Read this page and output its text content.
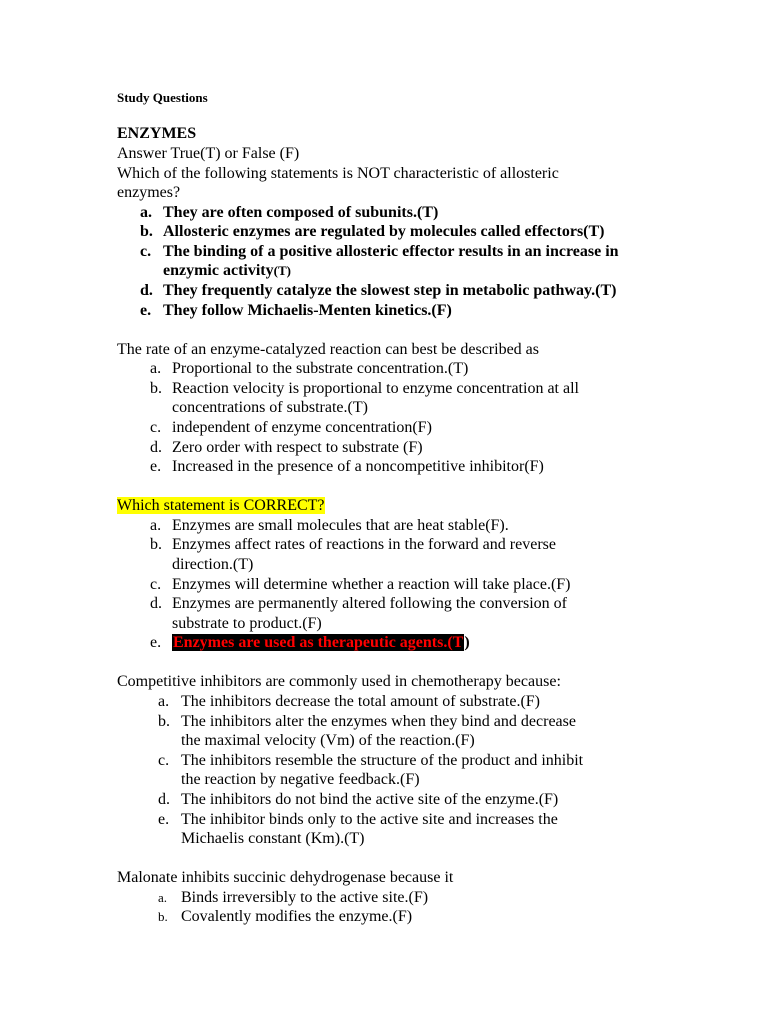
Study Questions
ENZYMES
Answer True(T) or False (F)
Which of the following statements is NOT characteristic of allosteric
enzymes?
a. They are often composed of subunits.(T)
b. Allosteric enzymes are regulated by molecules called effectors(T)
c. The binding of a positive allosteric effector results in an increase in
enzymic activity(T)
d. They frequently catalyze the slowest step in metabolic pathway.(T)
e. They follow Michaelis-Menten kinetics.(F)
The rate of an enzyme-catalyzed reaction can best be described as
a. Proportional to the substrate concentration.(T)
b. Reaction velocity is proportional to enzyme concentration at all
concentrations of substrate.(T)
c. independent of enzyme concentration(F)
d. Zero order with respect to substrate (F)
e. Increased in the presence of a noncompetitive inhibitor(F)
Which statement is CORRECT?
a. Enzymes are small molecules that are heat stable(F).
b. Enzymes affect rates of reactions in the forward and reverse
direction.(T)
c. Enzymes will determine whether a reaction will take place.(F)
d. Enzymes are permanently altered following the conversion of
substrate to product.(F)
e. Enzymes are used as therapeutic agents.(T)
Competitive inhibitors are commonly used in chemotherapy because:
a. The inhibitors decrease the total amount of substrate.(F)
b. The inhibitors alter the enzymes when they bind and decrease
the maximal velocity (Vm) of the reaction.(F)
c. The inhibitors resemble the structure of the product and inhibit
the reaction by negative feedback.(F)
d. The inhibitors do not bind the active site of the enzyme.(F)
e. The inhibitor binds only to the active site and increases the
Michaelis constant (Km).(T)
Malonate inhibits succinic dehydrogenase because it
a. Binds irreversibly to the active site.(F)
b. Covalently modifies the enzyme.(F)
